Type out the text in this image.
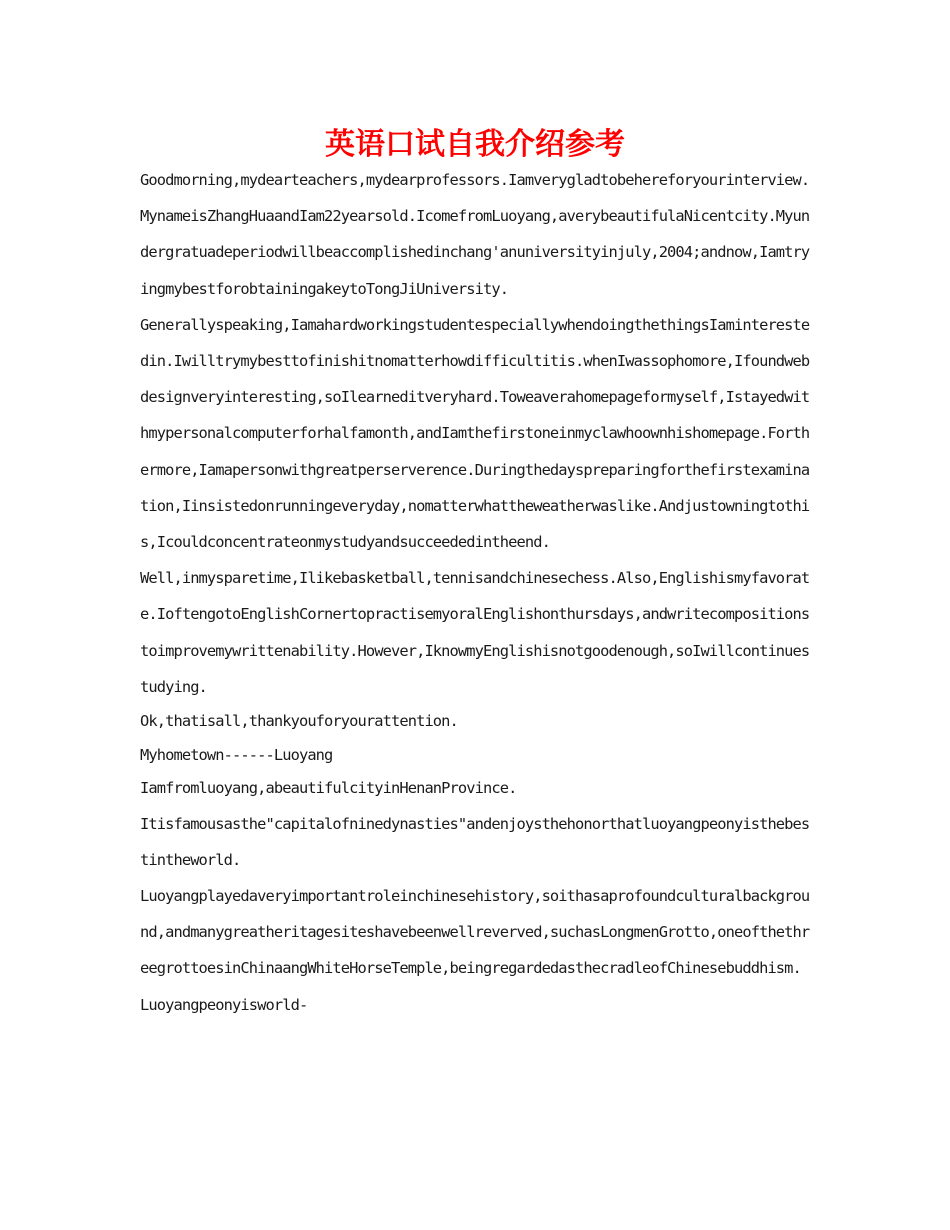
英语口试自我介绍参考

Goodmorning,mydearteachers,mydearprofessors.Iamverygladtobehereforyourinterview.MynameisZhangHuaandIam22yearsold.IcomefromLuoyang,averybeautifulaNicentcity.Myundergratuadeperiodwillbeaccomplishedinchang'anuniversityinjuly,2004;andnow,IamtryingmybestforobtainingakeytoTongJiUniversity.

Generallyspeaking,IamahardworkingstudentespeciallywhendoingthethingsIaminterestedin.Iwilltrymybesttofinishitnomatterhowdifficultitis.whenIwassophomore,Ifoundwebdesignveryinteresting,soIlearneditveryhard.Toweaverahomepageformyself,Istayedwithmypersonalcomputerforhalfamonth,andIamthefirstoneinmyclawhoownhishomepage.Forthermore,Iamapersonwithgreatperserverence.Duringthedayspreparingforthefirstexamination,Iinsistedonrunningeveryday,nomatterwhattheweatherwaslike.Andjustowningtothis,Icouldconcentrateonmystudyandsucceededintheend.

Well,inmysparetime,Ilikebasketball,tennisandchinesechess.Also,Englishismyfavorate.IoftengotoEnglishCornertopractisemyoralEnglishonthursdays,andwritecompositionstoimprovemywrittenability.However,IknowmyEnglishisnotgoodenough,soIwillcontinuestudying.

Ok,thatisall,thankyouforyourattention.

Myhometown------Luoyang

Iamfromluoyang,abeautifulcityinHenanProvince.

Itisfamousasthe"capitalofninedynasties"andenjoysthehonorthatluoyangpeonyisthebestintheworld.

Luoyangplayedaveryimportantroleinchinesehistory,soithasaprofoundculturalbackground,andmanygreatheritagesiteshavebeenwellreverved,suchasLongmenGrotto,oneofthethreegrottoesinChinaangWhiteHorseTemple,beingregardedasthecradleofChinesebuddhism.

Luoyangpeonyisworld-
